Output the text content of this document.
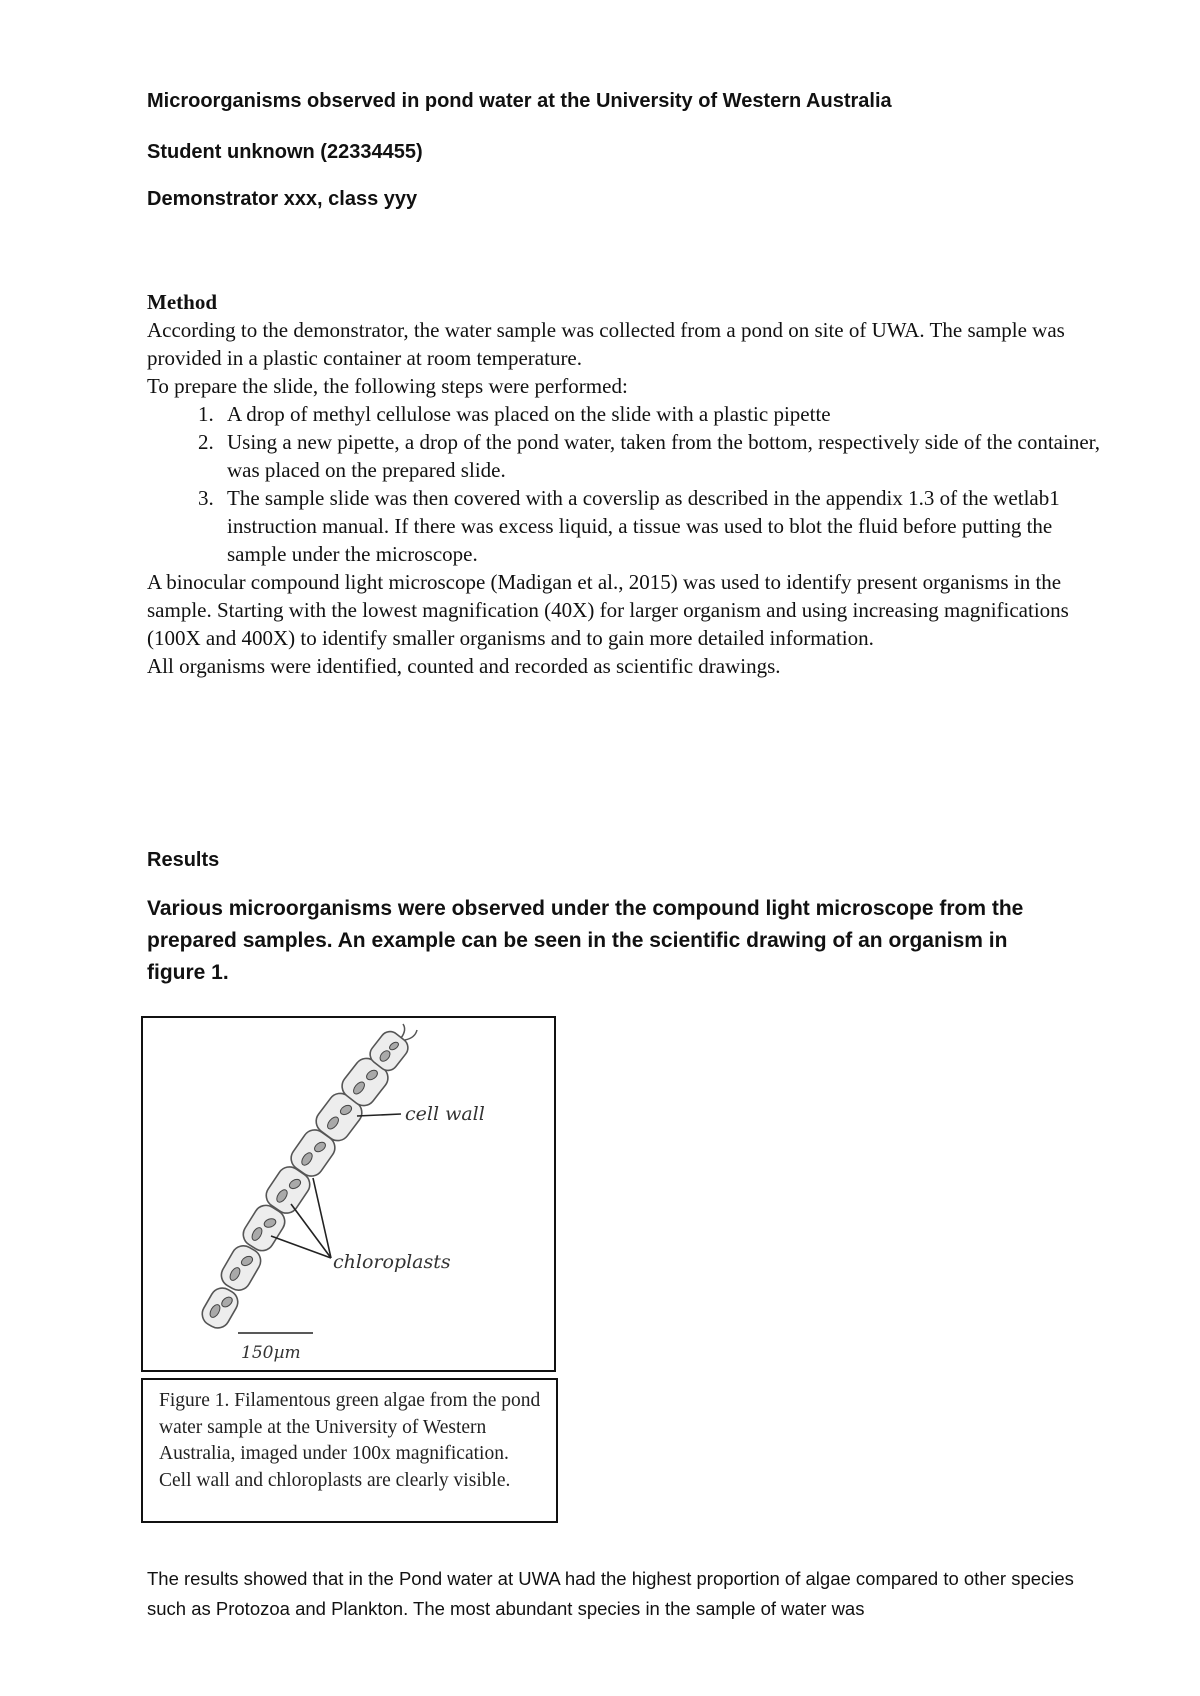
Microorganisms observed in pond water at the University of Western Australia
Student unknown (22334455)
Demonstrator xxx, class yyy
Method
According to the demonstrator, the water sample was collected from a pond on site of UWA. The sample was provided in a plastic container at room temperature.
To prepare the slide, the following steps were performed:
1. A drop of methyl cellulose was placed on the slide with a plastic pipette
2. Using a new pipette, a drop of the pond water, taken from the bottom, respectively side of the container, was placed on the prepared slide.
3. The sample slide was then covered with a coverslip as described in the appendix 1.3 of the wetlab1 instruction manual. If there was excess liquid, a tissue was used to blot the fluid before putting the sample under the microscope.
A binocular compound light microscope (Madigan et al., 2015) was used to identify present organisms in the sample. Starting with the lowest magnification (40X) for larger organism and using increasing magnifications (100X and 400X) to identify smaller organisms and to gain more detailed information.
All organisms were identified, counted and recorded as scientific drawings.
Results
Various microorganisms were observed under the compound light microscope from the prepared samples. An example can be seen in the scientific drawing of an organism in figure 1.
cell wall
chloroplasts
150µm
Figure 1. Filamentous green algae from the pond water sample at the University of Western Australia, imaged under 100x magnification. Cell wall and chloroplasts are clearly visible.
The results showed that in the Pond water at UWA had the highest proportion of algae compared to other species such as Protozoa and Plankton. The most abundant species in the sample of water was
